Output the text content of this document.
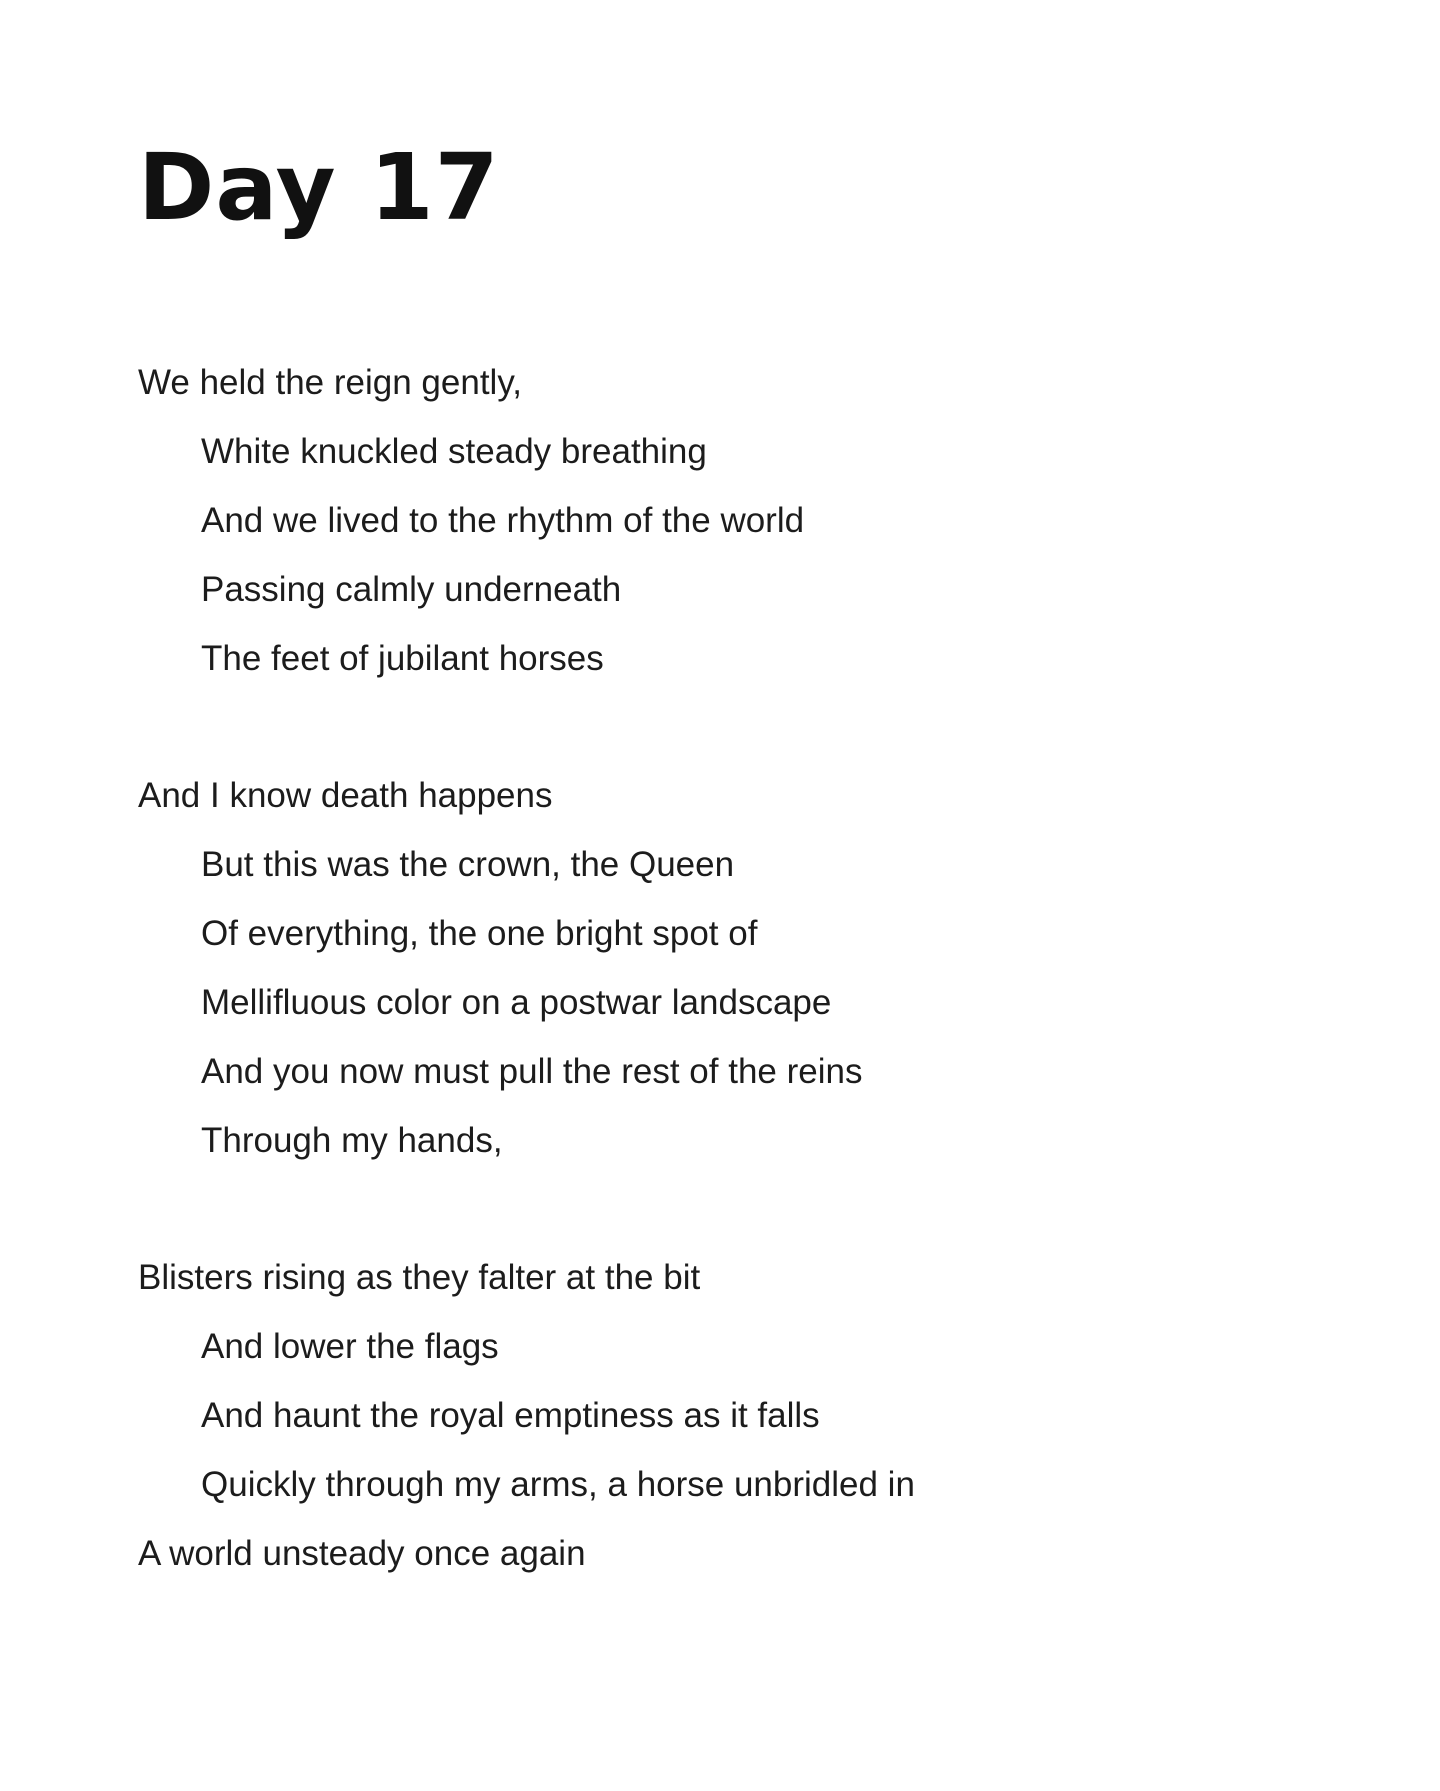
Day 17
We held the reign gently,
White knuckled steady breathing
And we lived to the rhythm of the world
Passing calmly underneath
The feet of jubilant horses
And I know death happens
But this was the crown, the Queen
Of everything, the one bright spot of
Mellifluous color on a postwar landscape
And you now must pull the rest of the reins
Through my hands,
Blisters rising as they falter at the bit
And lower the flags
And haunt the royal emptiness as it falls
Quickly through my arms, a horse unbridled in
A world unsteady once again
